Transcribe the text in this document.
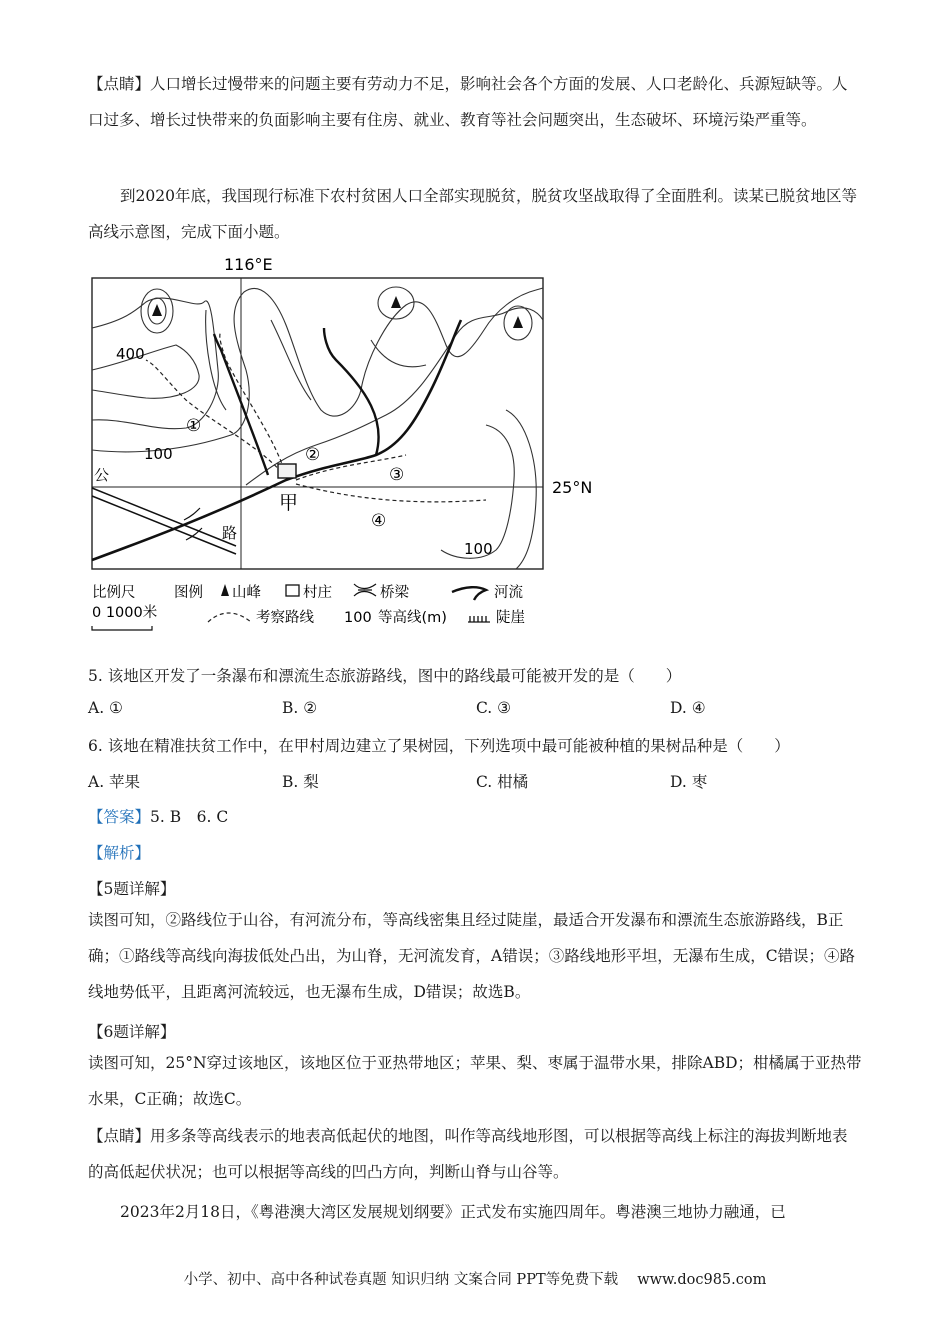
【点睛】人口增长过慢带来的问题主要有劳动力不足，影响社会各个方面的发展、人口老龄化、兵源短缺等。人口过多、增长过快带来的负面影响主要有住房、就业、教育等社会问题突出，生态破坏、环境污染严重等。

到2020年底，我国现行标准下农村贫困人口全部实现脱贫，脱贫攻坚战取得了全面胜利。读某已脱贫地区等高线示意图，完成下面小题。

116°E
25°N
400
100
100
①
②
③
④
甲
公
路
比例尺	图例 山峰	村庄	桥梁	河流
0 1000米	考察路线 100 等高线(m)	陡崖
5. 该地区开发了一条瀑布和漂流生态旅游路线，图中的路线最可能被开发的是（　　）
A. ①	B. ②	C. ③	D. ④
6. 该地在精准扶贫工作中，在甲村周边建立了果树园，下列选项中最可能被种植的果树品种是（　　）
A. 苹果	B. 梨	C. 柑橘	D. 枣
【答案】5. B　6. C
【解析】
【5题详解】

读图可知，②路线位于山谷，有河流分布，等高线密集且经过陡崖，最适合开发瀑布和漂流生态旅游路线，B正确；①路线等高线向海拔低处凸出，为山脊，无河流发育，A错误；③路线地形平坦，无瀑布生成，C错误；④路线地势低平，且距离河流较远，也无瀑布生成，D错误；故选B。

【6题详解】

读图可知，25°N穿过该地区，该地区位于亚热带地区；苹果、梨、枣属于温带水果，排除ABD；柑橘属于亚热带水果，C正确；故选C。

【点睛】用多条等高线表示的地表高低起伏的地图，叫作等高线地形图，可以根据等高线上标注的海拔判断地表的高低起伏状况；也可以根据等高线的凹凸方向，判断山脊与山谷等。

2023年2月18日，《粤港澳大湾区发展规划纲要》正式发布实施四周年。粤港澳三地协力融通，已
小学、初中、高中各种试卷真题 知识归纳 文案合同 PPT等免费下载　 www.doc985.com
